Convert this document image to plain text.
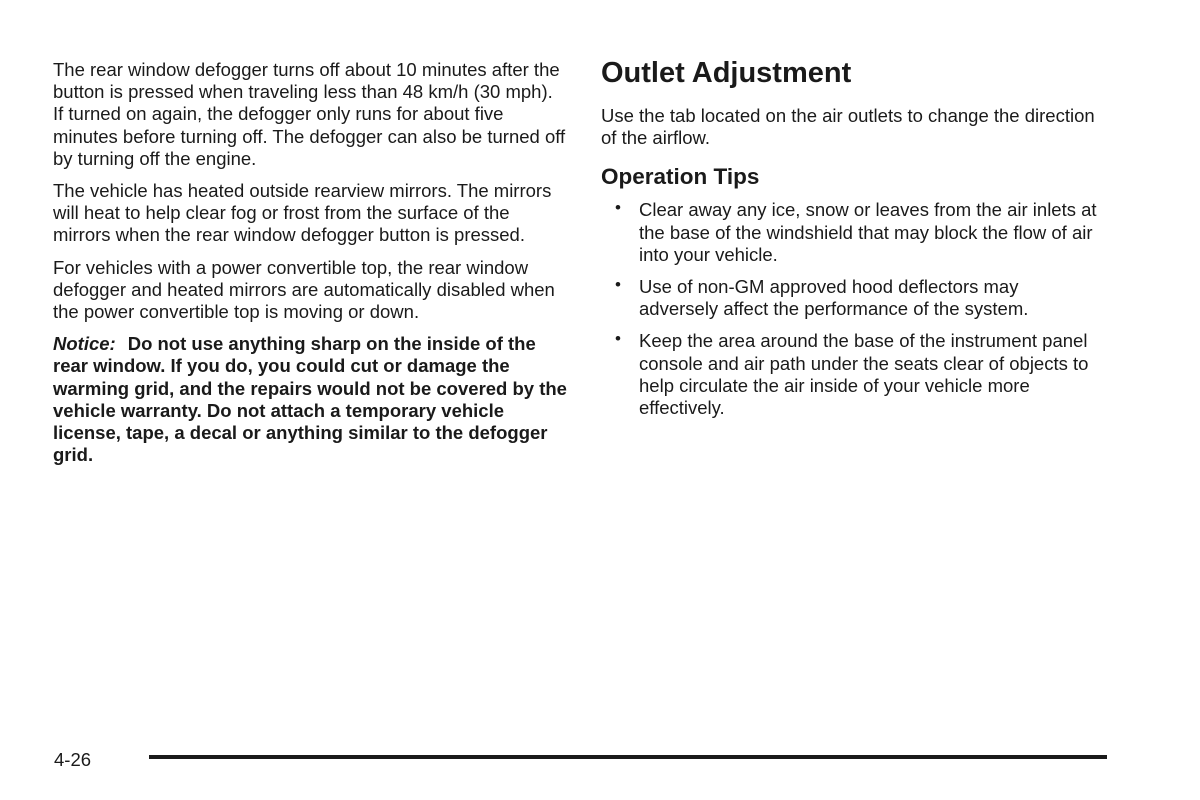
The rear window defogger turns off about 10 minutes after the button is pressed when traveling less than 48 km/h (30 mph). If turned on again, the defogger only runs for about five minutes before turning off. The defogger can also be turned off by turning off the engine.

The vehicle has heated outside rearview mirrors. The mirrors will heat to help clear fog or frost from the surface of the mirrors when the rear window defogger button is pressed.

For vehicles with a power convertible top, the rear window defogger and heated mirrors are automatically disabled when the power convertible top is moving or down.

Notice: Do not use anything sharp on the inside of the rear window. If you do, you could cut or damage the warming grid, and the repairs would not be covered by the vehicle warranty. Do not attach a temporary vehicle license, tape, a decal or anything similar to the defogger grid.

Outlet Adjustment

Use the tab located on the air outlets to change the direction of the airflow.

Operation Tips
• Clear away any ice, snow or leaves from the air inlets at the base of the windshield that may block the flow of air into your vehicle.
• Use of non-GM approved hood deflectors may adversely affect the performance of the system.
• Keep the area around the base of the instrument panel console and air path under the seats clear of objects to help circulate the air inside of your vehicle more effectively.
4-26
